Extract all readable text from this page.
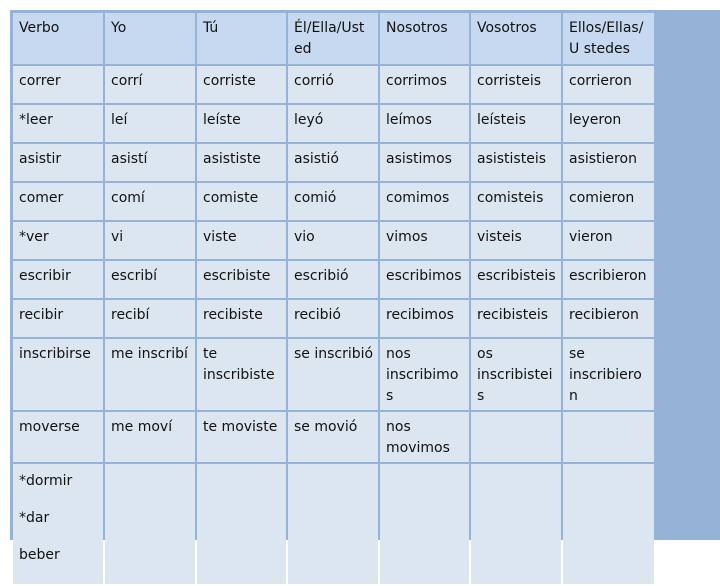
Verbo	Yo	Tú	Él/Ella/Ust ed	Nosotros	Vosotros	Ellos/Ellas/U stedes
correr	corrí	corriste	corrió	corrimos	corristeis	corrieron
*leer	leí	leíste	leyó	leímos	leísteis	leyeron
asistir	asistí	asististe	asistió	asistimos	asististeis	asistieron
comer	comí	comiste	comió	comimos	comisteis	comieron
*ver	vi	viste	vio	vimos	visteis	vieron
escribir	escribí	escribiste	escribió	escribimos	escribisteis	escribieron
recibir	recibí	recibiste	recibió	recibimos	recibisteis	recibieron
inscribirse	me inscribí	te inscribiste	se inscribió	nos inscribimos	os inscribisteis	se inscribieron
moverse	me moví	te moviste	se movió	nos movimos		

*dormir
*dar
beber						
